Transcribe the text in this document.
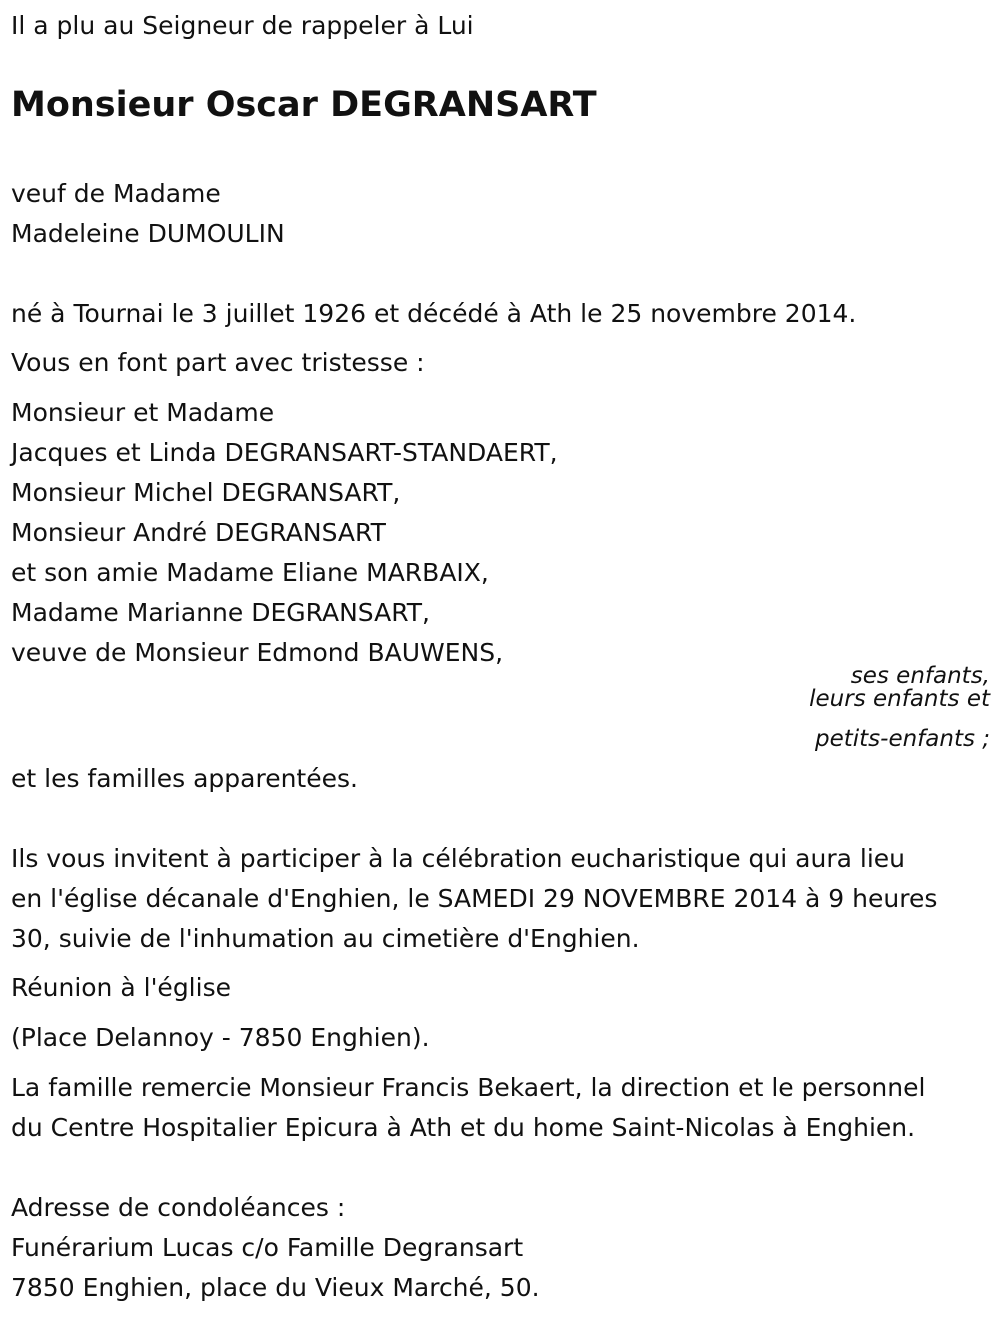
Il a plu au Seigneur de rappeler à Lui

Monsieur Oscar DEGRANSART

veuf de Madame

Madeleine DUMOULIN

né à Tournai le 3 juillet 1926 et décédé à Ath le 25 novembre 2014.

Vous en font part avec tristesse :

Monsieur et Madame

Jacques et Linda DEGRANSART-STANDAERT,

Monsieur Michel DEGRANSART,

Monsieur André DEGRANSART

et son amie Madame Eliane MARBAIX,

Madame Marianne DEGRANSART,

veuve de Monsieur Edmond BAUWENS,

ses enfants,
leurs enfants et
petits-enfants ;

et les familles apparentées.

Ils vous invitent à participer à la célébration eucharistique qui aura lieu

en l'église décanale d'Enghien, le SAMEDI 29 NOVEMBRE 2014 à 9 heures

30, suivie de l'inhumation au cimetière d'Enghien.

Réunion à l'église

(Place Delannoy - 7850 Enghien).

La famille remercie Monsieur Francis Bekaert, la direction et le personnel

du Centre Hospitalier Epicura à Ath et du home Saint-Nicolas à Enghien.

Adresse de condoléances :

Funérarium Lucas c/o Famille Degransart

7850 Enghien, place du Vieux Marché, 50.
